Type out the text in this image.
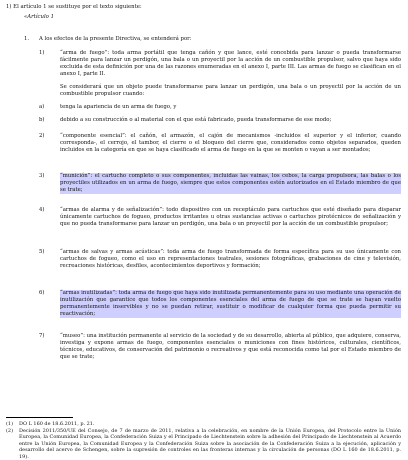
1) El artículo 1 se sustituye por el texto siguiente:

«Artículo 1

1.	A los efectos de la presente Directiva, se entenderá por:

1)	“arma de fuego”: toda arma portátil que tenga cañón y que lance, esté concebida para lanzar o pueda transformarse fácilmente para lanzar un perdigón, una bala o un proyectil por la acción de un combustible propulsor, salvo que haya sido excluida de esta definición por una de las razones enumeradas en el anexo I, parte III. Las armas de fuego se clasifican en el anexo I, parte II.

Se considerará que un objeto puede transformarse para lanzar un perdigón, una bala o un proyectil por la acción de un combustible propulsor cuando:

a)	tenga la apariencia de un arma de fuego, y

b)	debido a su construcción o al material con el que está fabricado, pueda transformarse de ese modo;

2)	“componente esencial”: el cañón, el armazón, el cajón de mecanismos -incluidos el superior y el inferior, cuando corresponda-, el cerrojo, el tambor, el cierre o el bloqueo del cierre que, considerados como objetos separados, queden incluidos en la categoría en que se haya clasificado el arma de fuego en la que se monten o vayan a ser montados;

3)	“munición”: el cartucho completo o sus componentes, incluidas las vainas, los cebos, la carga propulsora, las balas o los proyectiles utilizados en un arma de fuego, siempre que estos componentes estén autorizados en el Estado miembro de que se trate;

4)	“armas de alarma y de señalización”: todo dispositivo con un receptáculo para cartuchos que esté diseñado para disparar únicamente cartuchos de fogueo, productos irritantes u otras sustancias activas o cartuchos pirotécnicos de señalización y que no pueda transformarse para lanzar un perdigón, una bala o un proyectil por la acción de un combustible propulsor;

5)	“armas de salvas y armas acústicas”: toda arma de fuego transformada de forma específica para su uso únicamente con cartuchos de fogueo, como el uso en representaciones teatrales, sesiones fotográficas, grabaciones de cine y televisión, recreaciones históricas, desfiles, acontecimientos deportivos y formación;

6)	“armas inutilizadas”: toda arma de fuego que haya sido inutilizada permanentemente para su uso mediante una operación de inutilización que garantice que todos los componentes esenciales del arma de fuego de que se trate se hayan vuelto permanentemente inservibles y no se puedan retirar, sustituir o modificar de cualquier forma que pueda permitir su reactivación;

7)	“museo”: una institución permanente al servicio de la sociedad y de su desarrollo, abierta al público, que adquiere, conserva, investiga y expone armas de fuego, componentes esenciales o municiones con fines históricos, culturales, científicos, técnicos, educativos, de conservación del patrimonio o recreativos y que está reconocida como tal por el Estado miembro de que se trate;

(1)	DO L 160 de 18.6.2011, p. 21.
(2)	Decisión 2011/350/UE del Consejo, de 7 de marzo de 2011, relativa a la celebración, en nombre de la Unión Europea, del Protocolo entre la Unión Europea, la Comunidad Europea, la Confederación Suiza y el Principado de Liechtenstein sobre la adhesión del Principado de Liechtenstein al Acuerdo entre la Unión Europea, la Comunidad Europea y la Confederación Suiza sobre la asociación de la Confederación Suiza a la ejecución, aplicación y desarrollo del acervo de Schengen, sobre la supresión de controles en las fronteras internas y la circulación de personas (DO L 160 de 18.6.2011, p. 19).
